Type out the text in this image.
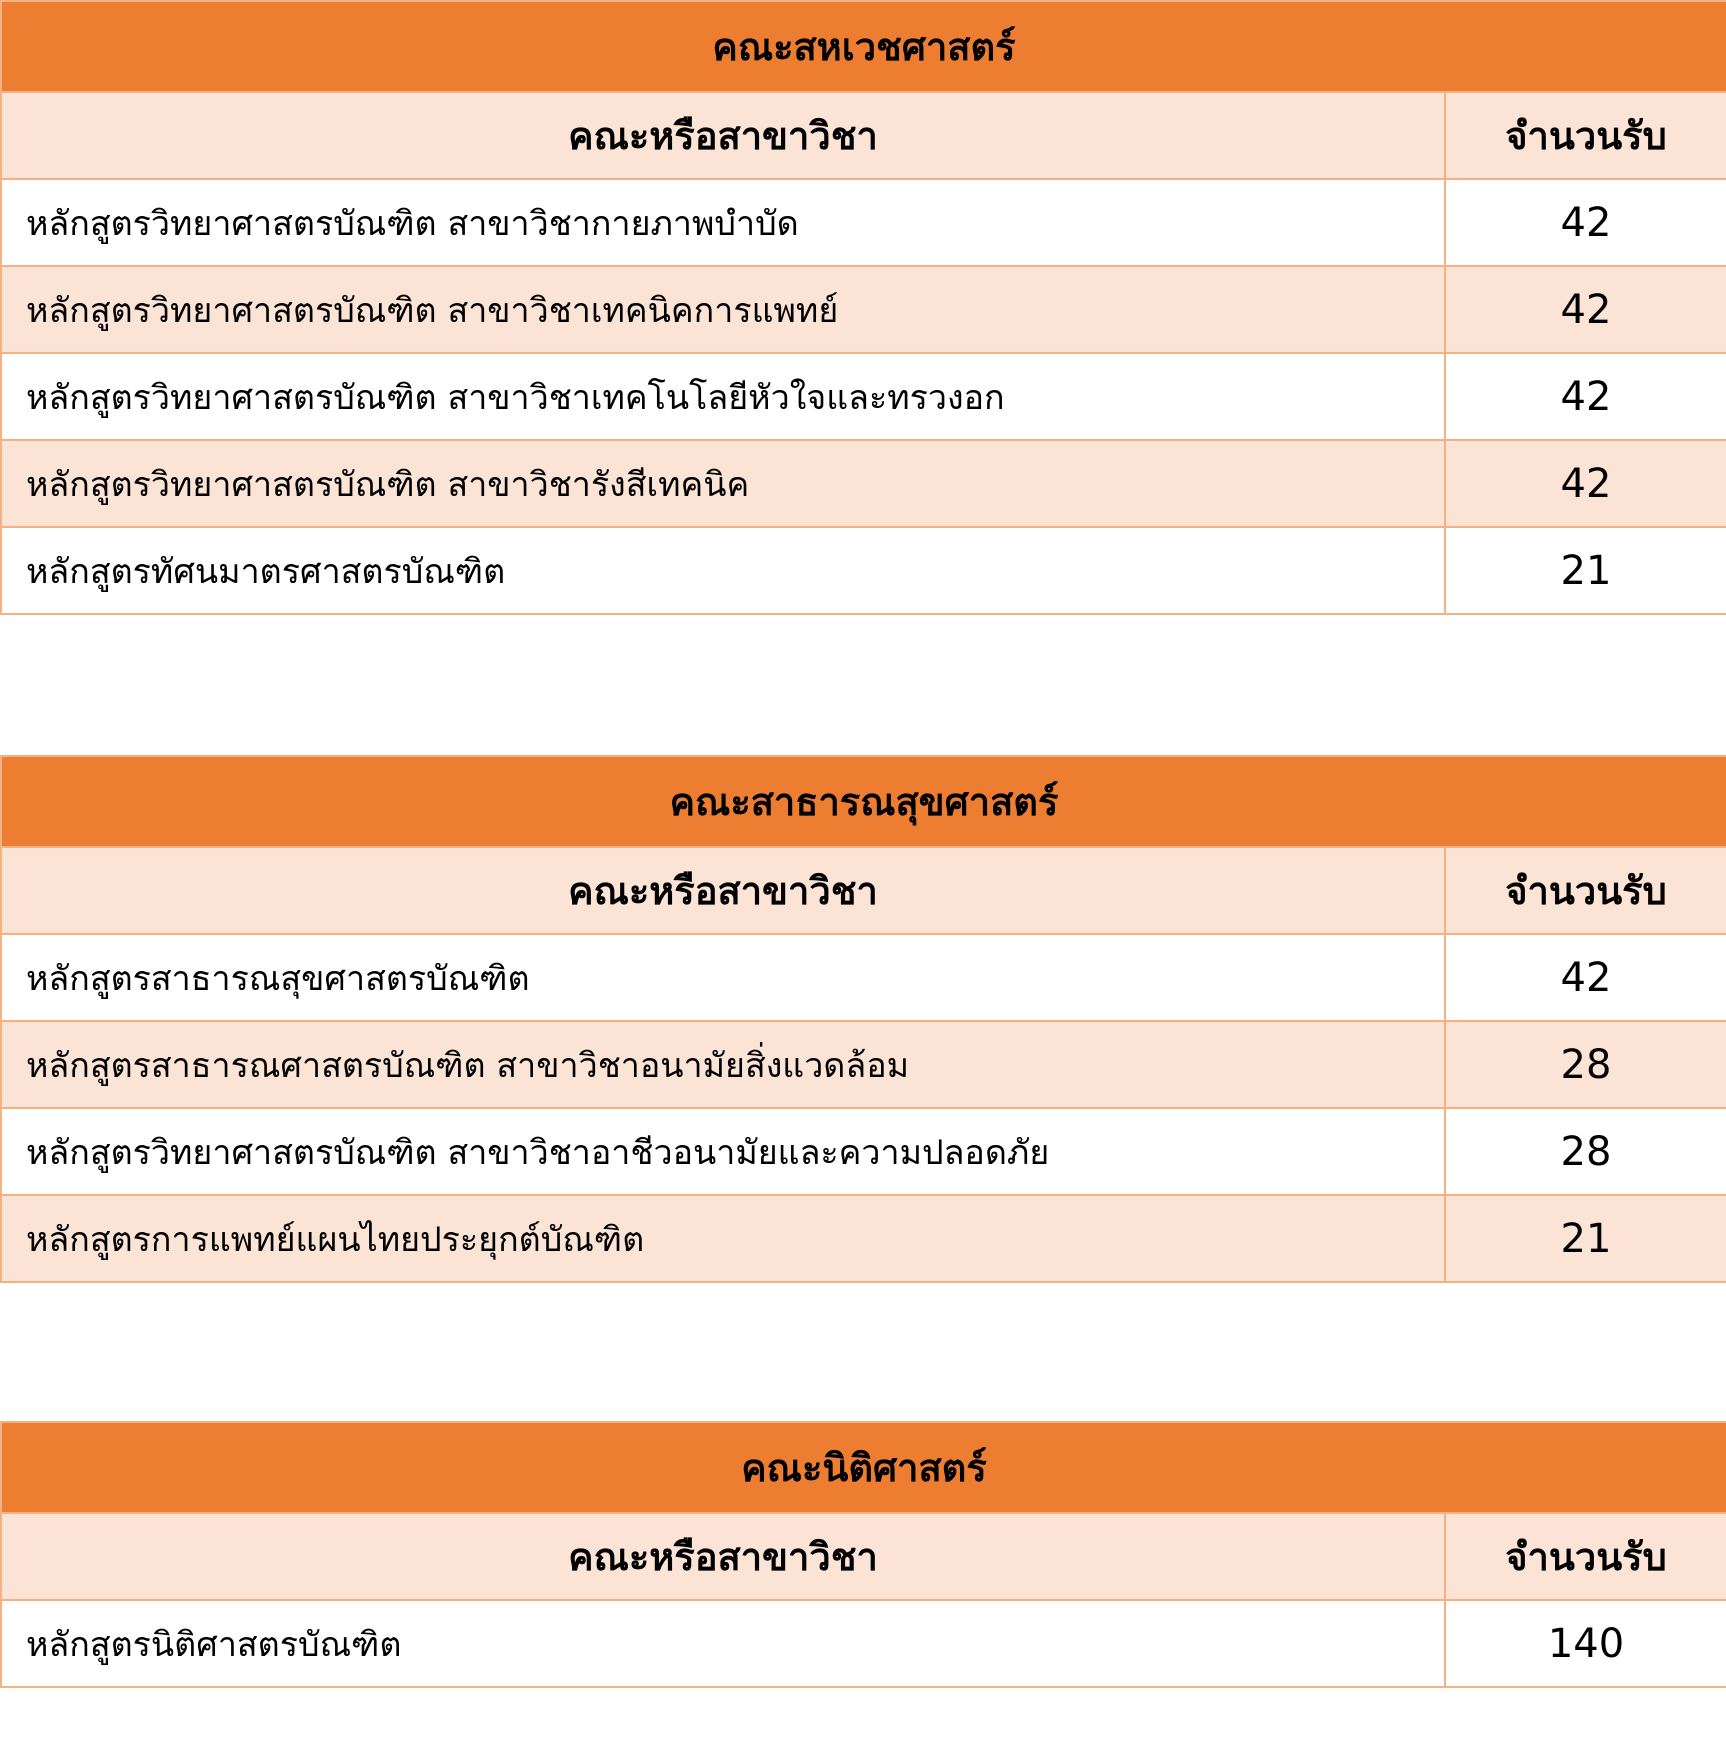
คณะสหเวชศาสตร์	
คณะหรือสาขาวิชา	จำนวนรับ
หลักสูตรวิทยาศาสตรบัณฑิต สาขาวิชากายภาพบำบัด	42
หลักสูตรวิทยาศาสตรบัณฑิต สาขาวิชาเทคนิคการแพทย์	42
หลักสูตรวิทยาศาสตรบัณฑิต สาขาวิชาเทคโนโลยีหัวใจและทรวงอก	42
หลักสูตรวิทยาศาสตรบัณฑิต สาขาวิชารังสีเทคนิค	42
หลักสูตรทัศนมาตรศาสตรบัณฑิต	21
คณะสาธารณสุขศาสตร์	
คณะหรือสาขาวิชา	จำนวนรับ
หลักสูตรสาธารณสุขศาสตรบัณฑิต	42
หลักสูตรสาธารณศาสตรบัณฑิต สาขาวิชาอนามัยสิ่งแวดล้อม	28
หลักสูตรวิทยาศาสตรบัณฑิต สาขาวิชาอาชีวอนามัยและความปลอดภัย	28
หลักสูตรการแพทย์แผนไทยประยุกต์บัณฑิต	21
คณะนิติศาสตร์	
คณะหรือสาขาวิชา	จำนวนรับ
หลักสูตรนิติศาสตรบัณฑิต	140
